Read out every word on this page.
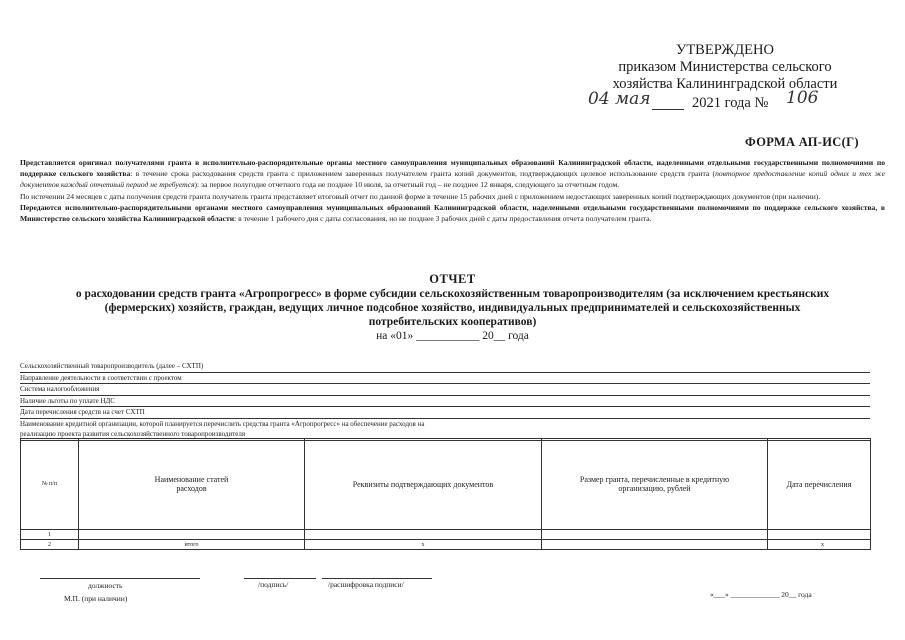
УТВЕРЖДЕНО
приказом Министерства сельского
хозяйства Калининградской области
04 мая	2021 года № 106
ФОРМА АП-ИС(Г)

Представляется оригинал получателями гранта в исполнительно-распорядительные органы местного самоуправления муниципальных образований Калининградской области, наделенными отдельными государственными полномочиями по поддержке сельского хозяйства: в течение срока расходования средств гранта с приложением заверенных получателем гранта копий документов, подтверждающих целевое использование средств гранта (повторное предоставление копий одних и тех же документов каждый отчетный период не требуется): за первое полугодие отчетного года не позднее 10 июля, за отчетный год – не позднее 12 января, следующего за отчетным годом.

По истечении 24 месяцев с даты получения средств гранта получатель гранта представляет итоговый отчет по данной форме в течение 15 рабочих дней с приложением недостающих заверенных копий подтверждающих документов (при наличии).

Передаются исполнительно-распорядительными органами местного самоуправления муниципальных образований Калининградской области, наделенными отдельными государственными полномочиями по поддержке сельского хозяйства, в Министерство сельского хозяйства Калининградской области: в течение 1 рабочего дня с даты согласования, но не позднее 3 рабочих дней с даты предоставления отчета получателем гранта.

ОТЧЕТ
о расходовании средств гранта «Агропрогресс» в форме субсидии сельскохозяйственным товаропроизводителям (за исключением крестьянских (фермерских) хозяйств, граждан, ведущих личное подсобное хозяйство, индивидуальных предпринимателей и сельскохозяйственных потребительских кооперативов)
на «01» ___________ 20__ года
Сельскохозяйственный товаропроизводитель (далее – СХТП)
Направление деятельности в соответствии с проектом
Система налогообложения
Наличие льготы по уплате НДС
Дата перечисления средств на счет СХТП
Наименование кредитной организации, которой планируется перечислить средства гранта «Агропрогресс» на обеспечение расходов на реализацию проекта развития сельскохозяйственного товаропроизводителя
№ п/п	Наименование статей расходов	Реквизиты подтверждающих документов	Размер гранта, перечисленные в кредитную организацию, рублей	Дата перечисления
1				
2	итого	х		х
должность
М.П. (при наличии)
/подпись/	/расшифровка подписи/
«___» _____________ 20__ года
